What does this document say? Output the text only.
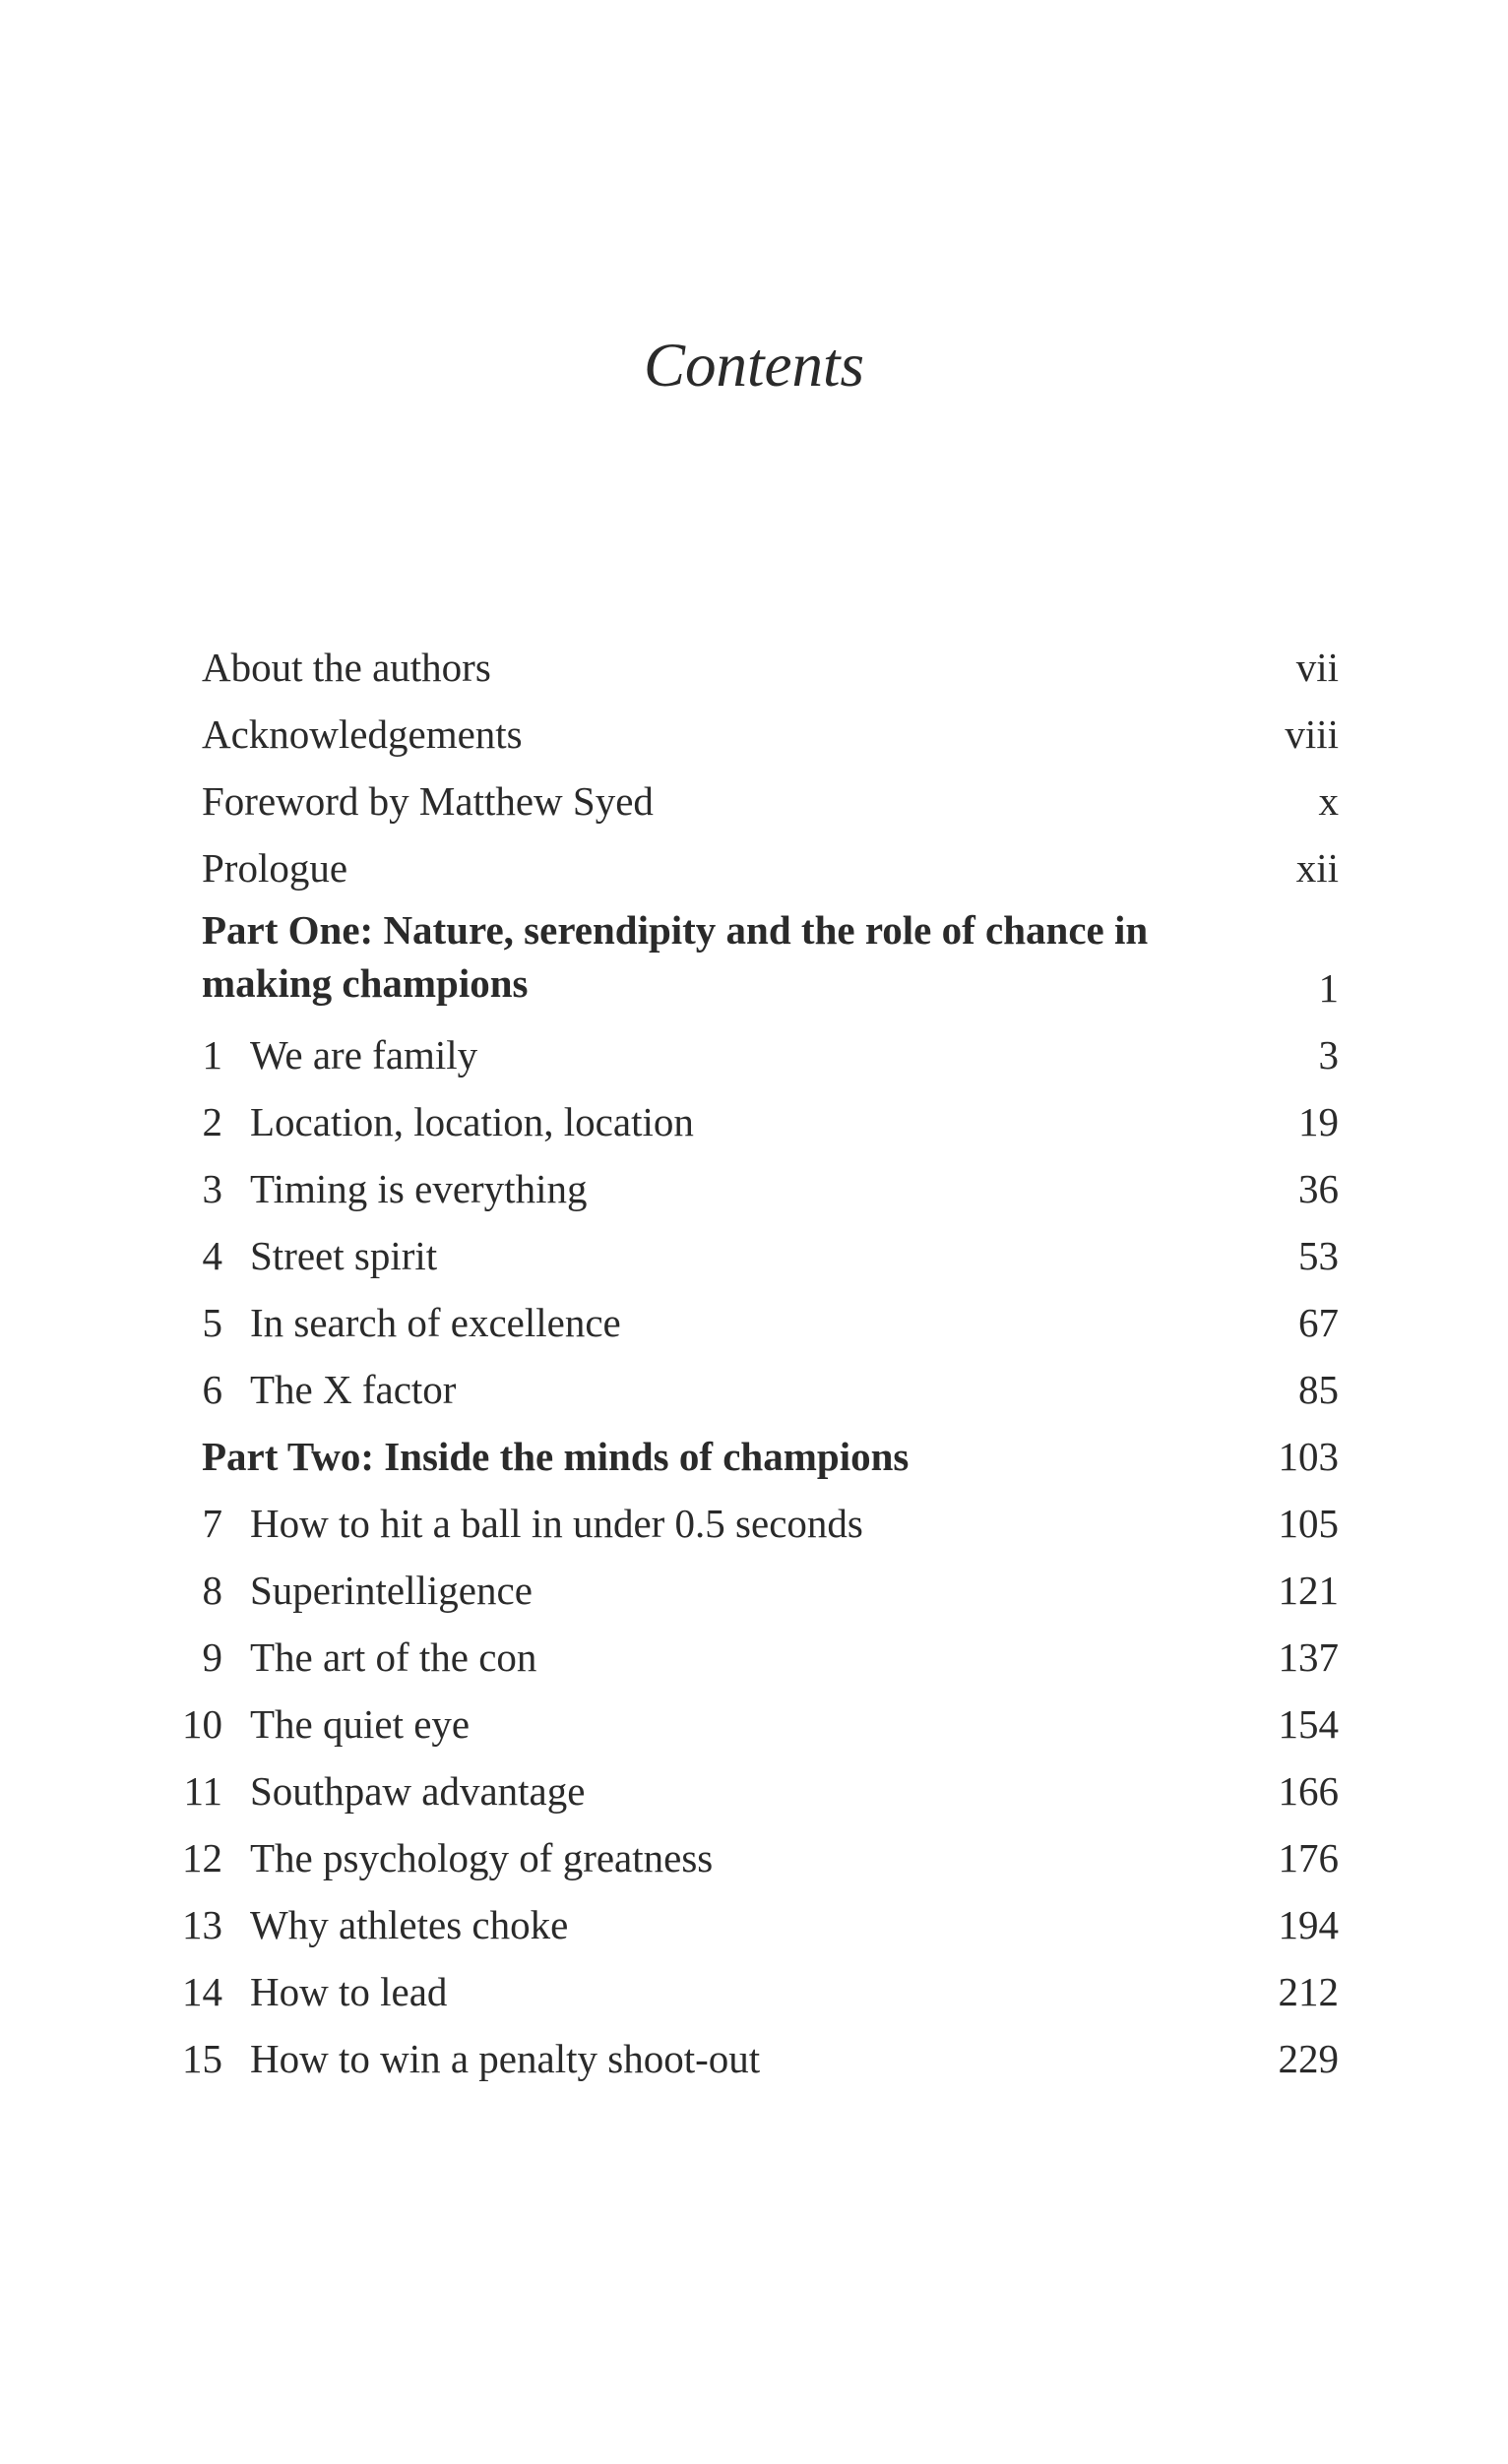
Contents
About the authors	vii
Acknowledgements	viii
Foreword by Matthew Syed	x
Prologue	xii
Part One: Nature, serendipity and the role of chance in making champions	1
1 We are family	3
2 Location, location, location	19
3 Timing is everything	36
4 Street spirit	53
5 In search of excellence	67
6 The X factor	85
Part Two: Inside the minds of champions	103
7 How to hit a ball in under 0.5 seconds	105
8 Superintelligence	121
9 The art of the con	137
10 The quiet eye	154
11 Southpaw advantage	166
12 The psychology of greatness	176
13 Why athletes choke	194
14 How to lead	212
15 How to win a penalty shoot-out	229
